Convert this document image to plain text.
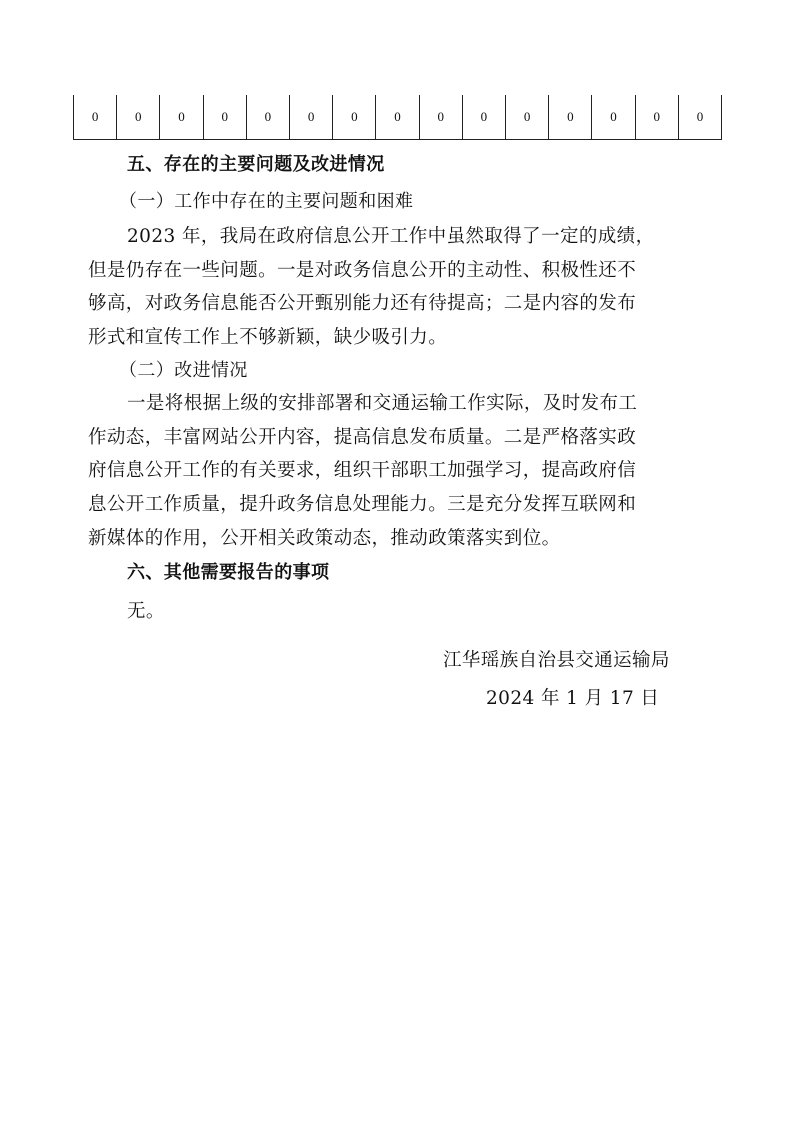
0	0	0	0	0	0	0	0	0	0	0	0	0	0	0
五、存在的主要问题及改进情况
（一）工作中存在的主要问题和困难
2023 年，我局在政府信息公开工作中虽然取得了一定的成绩，
但是仍存在一些问题。一是对政务信息公开的主动性、积极性还不
够高，对政务信息能否公开甄别能力还有待提高；二是内容的发布
形式和宣传工作上不够新颖，缺少吸引力。
（二）改进情况
一是将根据上级的安排部署和交通运输工作实际，及时发布工
作动态，丰富网站公开内容，提高信息发布质量。二是严格落实政
府信息公开工作的有关要求，组织干部职工加强学习，提高政府信
息公开工作质量，提升政务信息处理能力。三是充分发挥互联网和
新媒体的作用，公开相关政策动态，推动政策落实到位。
六、其他需要报告的事项
无。
江华瑶族自治县交通运输局
2024 年 1 月 17 日
